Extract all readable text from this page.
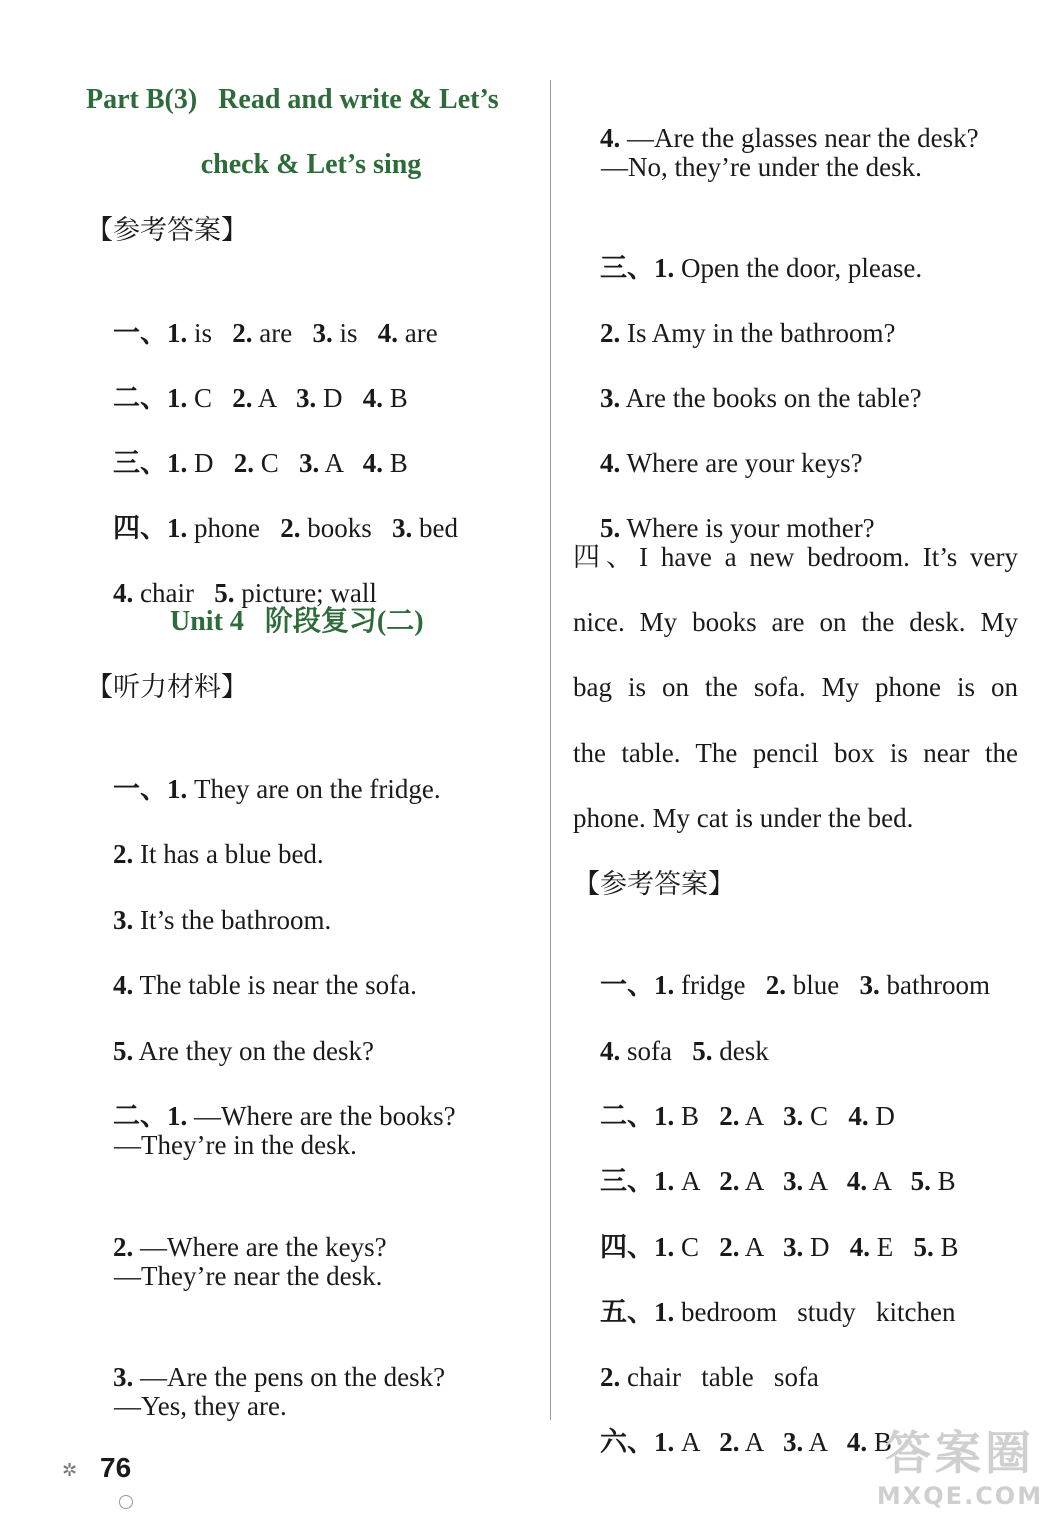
Part B(3)   Read and write & Let’s
check & Let’s sing
【参考答案】

一、1. is   2. are   3. is   4. are

二、1. C   2. A   3. D   4. B

三、1. D   2. C   3. A   4. B

四、1. phone   2. books   3. bed

4. chair   5. picture; wall

Unit 4   阶段复习(二)
【听力材料】

一、1. They are on the fridge.

2. It has a blue bed.

3. It’s the bathroom.

4. The table is near the sofa.

5. Are they on the desk?

二、1. —Where are the books?

—They’re in the desk.

2. —Where are the keys?

—They’re near the desk.

3. —Are the pens on the desk?

—Yes, they are.

4. —Are the glasses near the desk?

—No, they’re under the desk.

三、1. Open the door, please.

2. Is Amy in the bathroom?

3. Are the books on the table?

4. Where are your keys?

5. Where is your mother?

四、I have a new bedroom. It’s very
nice. My books are on the desk. My
bag is on the sofa. My phone is on
the table. The pencil box is near the
phone. My cat is under the bed.
【参考答案】

一、1. fridge   2. blue   3. bathroom

4. sofa   5. desk

二、1. B   2. A   3. C   4. D

三、1. A   2. A   3. A   4. A   5. B

四、1. C   2. A   3. D   4. E   5. B

五、1. bedroom   study   kitchen

2. chair   table   sofa

六、1. A   2. A   3. A   4. B

✲ 76	答案圈
MXQE.COM
